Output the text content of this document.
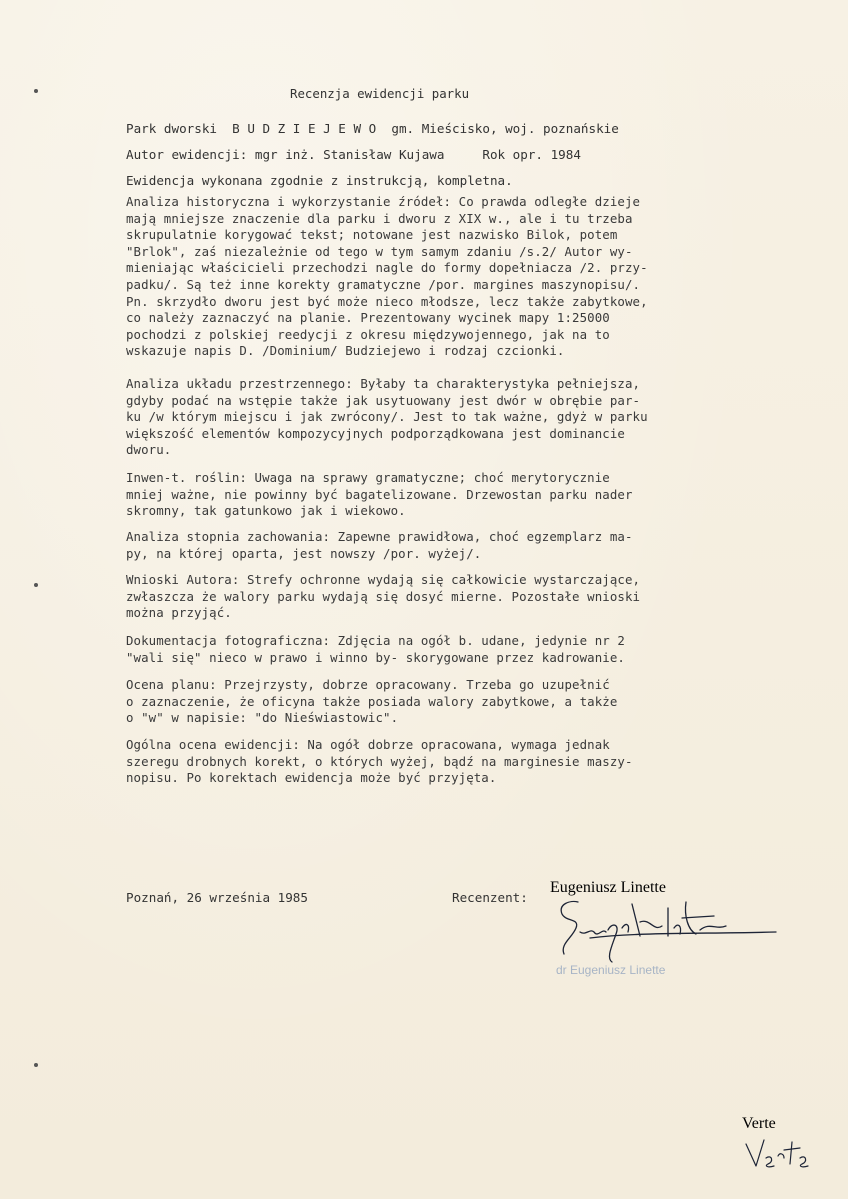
Recenzja ewidencji parku
Park dworski  B U D Z I E J E W O  gm. Mieścisko, woj. poznańskie
Autor ewidencji: mgr inż. Stanisław Kujawa     Rok opr. 1984
Ewidencja wykonana zgodnie z instrukcją, kompletna.
Analiza historyczna i wykorzystanie źródeł: Co prawda odległe dzieje
mają mniejsze znaczenie dla parku i dworu z XIX w., ale i tu trzeba
skrupulatnie korygować tekst; notowane jest nazwisko Bilok, potem
"Brlok", zaś niezależnie od tego w tym samym zdaniu /s.2/ Autor wy-
mieniając właścicieli przechodzi nagle do formy dopełniacza /2. przy-
padku/. Są też inne korekty gramatyczne /por. margines maszynopisu/.
Pn. skrzydło dworu jest być może nieco młodsze, lecz także zabytkowe,
co należy zaznaczyć na planie. Prezentowany wycinek mapy 1:25000
pochodzi z polskiej reedycji z okresu międzywojennego, jak na to
wskazuje napis D. /Dominium/ Budziejewo i rodzaj czcionki.
Analiza układu przestrzennego: Byłaby ta charakterystyka pełniejsza,
gdyby podać na wstępie także jak usytuowany jest dwór w obrębie par-
ku /w którym miejscu i jak zwrócony/. Jest to tak ważne, gdyż w parku
większość elementów kompozycyjnych podporządkowana jest dominancie
dworu.
Inwen-t. roślin: Uwaga na sprawy gramatyczne; choć merytorycznie
mniej ważne, nie powinny być bagatelizowane. Drzewostan parku nader
skromny, tak gatunkowo jak i wiekowo.
Analiza stopnia zachowania: Zapewne prawidłowa, choć egzemplarz ma-
py, na której oparta, jest nowszy /por. wyżej/.
Wnioski Autora: Strefy ochronne wydają się całkowicie wystarczające,
zwłaszcza że walory parku wydają się dosyć mierne. Pozostałe wnioski
można przyjąć.
Dokumentacja fotograficzna: Zdjęcia na ogół b. udane, jedynie nr 2
"wali się" nieco w prawo i winno by- skorygowane przez kadrowanie.
Ocena planu: Przejrzysty, dobrze opracowany. Trzeba go uzupełnić
o zaznaczenie, że oficyna także posiada walory zabytkowe, a także
o "w" w napisie: "do Nieświastowic".
Ogólna ocena ewidencji: Na ogół dobrze opracowana, wymaga jednak
szeregu drobnych korekt, o których wyżej, bądź na marginesie maszy-
nopisu. Po korektach ewidencja może być przyjęta.
Poznań, 26 września 1985	Recenzent:
Eugeniusz Linette
dr Eugeniusz Linette
Verte
